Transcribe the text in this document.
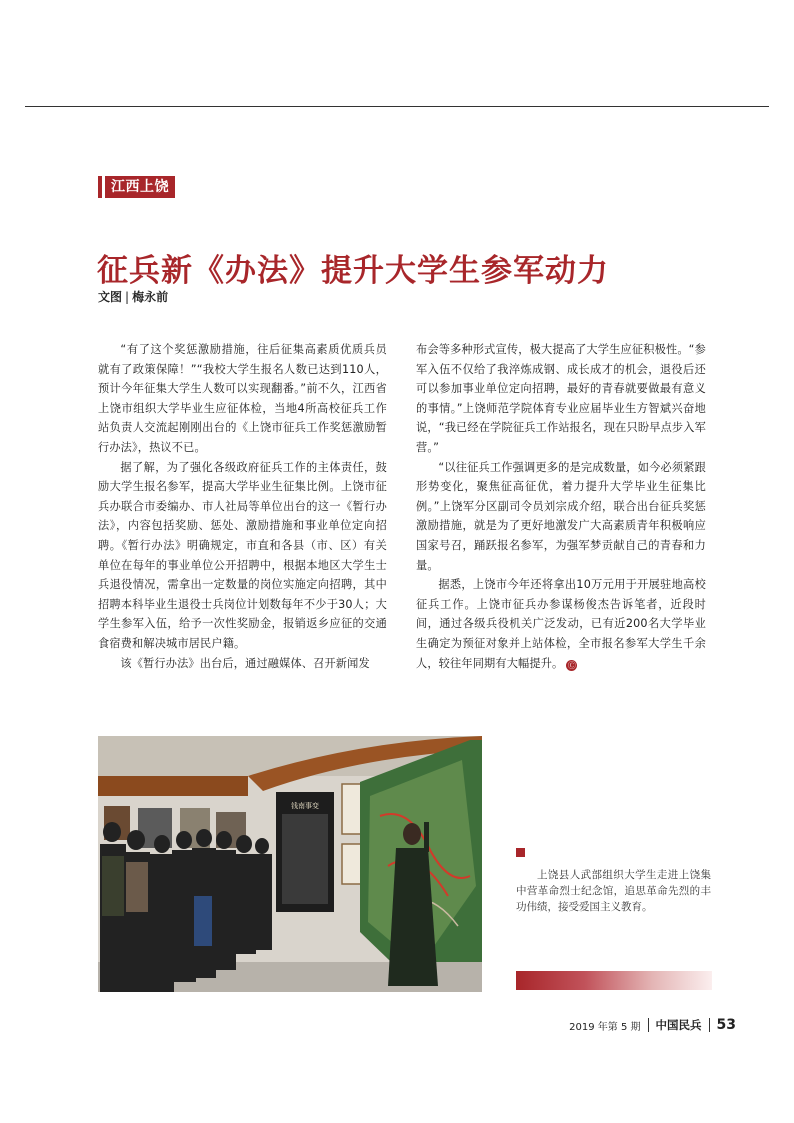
江西上饶
征兵新《办法》提升大学生参军动力
文图 | 梅永前

“有了这个奖惩激励措施，往后征集高素质优质兵员就有了政策保障！”“我校大学生报名人数已达到110人，预计今年征集大学生人数可以实现翻番。”前不久，江西省上饶市组织大学毕业生应征体检，当地4所高校征兵工作站负责人交流起刚刚出台的《上饶市征兵工作奖惩激励暂行办法》，热议不已。

据了解，为了强化各级政府征兵工作的主体责任，鼓励大学生报名参军，提高大学毕业生征集比例。上饶市征兵办联合市委编办、市人社局等单位出台的这一《暂行办法》，内容包括奖励、惩处、激励措施和事业单位定向招聘。《暂行办法》明确规定，市直和各县（市、区）有关单位在每年的事业单位公开招聘中，根据本地区大学生士兵退役情况，需拿出一定数量的岗位实施定向招聘，其中招聘本科毕业生退役士兵岗位计划数每年不少于30人；大学生参军入伍，给予一次性奖励金，报销返乡应征的交通食宿费和解决城市居民户籍。

该《暂行办法》出台后，通过融媒体、召开新闻发

布会等多种形式宣传，极大提高了大学生应征积极性。“参军入伍不仅给了我淬炼成钢、成长成才的机会，退役后还可以参加事业单位定向招聘，最好的青春就要做最有意义的事情。”上饶师范学院体育专业应届毕业生方智斌兴奋地说，“我已经在学院征兵工作站报名，现在只盼早点步入军营。”

“以往征兵工作强调更多的是完成数量，如今必须紧跟形势变化，聚焦征高征优，着力提升大学毕业生征集比例。”上饶军分区副司令员刘宗成介绍，联合出台征兵奖惩激励措施，就是为了更好地激发广大高素质青年积极响应国家号召，踊跃报名参军，为强军梦贡献自己的青春和力量。

据悉，上饶市今年还将拿出10万元用于开展驻地高校征兵工作。上饶市征兵办参谋杨俊杰告诉笔者，近段时间，通过各级兵役机关广泛发动，已有近200名大学毕业生确定为预征对象并上站体检，全市报名参军大学生千余人，较往年同期有大幅提升。 Ⓒ

钱南事变
上饶县人武部组织大学生走进上饶集中营革命烈士纪念馆，追思革命先烈的丰功伟绩，接受爱国主义教育。
2019 年第 5 期 中国民兵 53
